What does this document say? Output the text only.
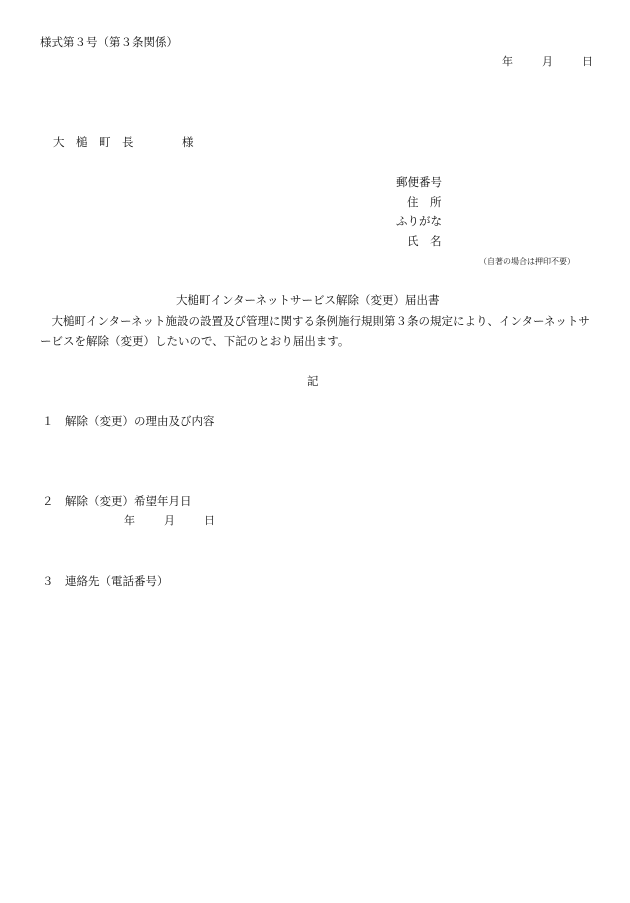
様式第３号（第３条関係）
年	月	日
大　槌　町　長	様
郵便番号
住　所
ふりがな
氏　名
（自著の場合は押印不要）
大槌町インターネットサービス解除（変更）届出書
　大槌町インターネット施設の設置及び管理に関する条例施行規則第３条の規定により、インターネットサービスを解除（変更）したいので、下記のとおり届出ます。
記
１　解除（変更）の理由及び内容
２　解除（変更）希望年月日
年	月	日
３　連絡先（電話番号）
